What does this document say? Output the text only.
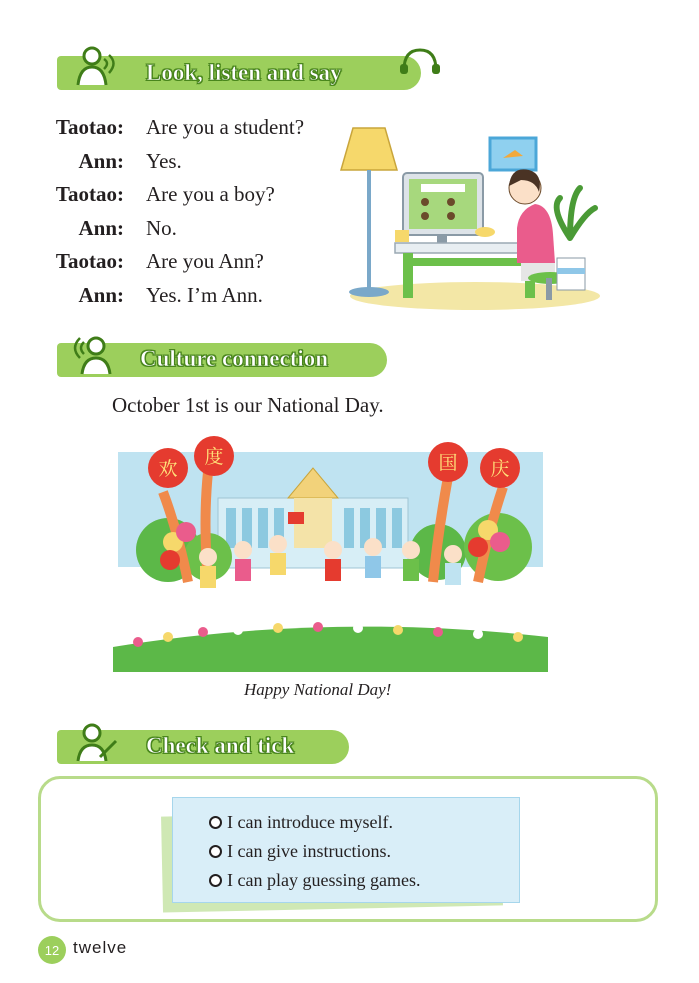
Look, listen and say
Taotao: Are you a student?
Ann: Yes.
Taotao: Are you a boy?
Ann: No.
Taotao: Are you Ann?
Ann: Yes. I’m Ann.
Culture connection
October 1st is our National Day.
欢
度	国 庆
Happy National Day!
Check and tick
I can introduce myself.
I can give instructions.
I can play guessing games.
12 twelve
